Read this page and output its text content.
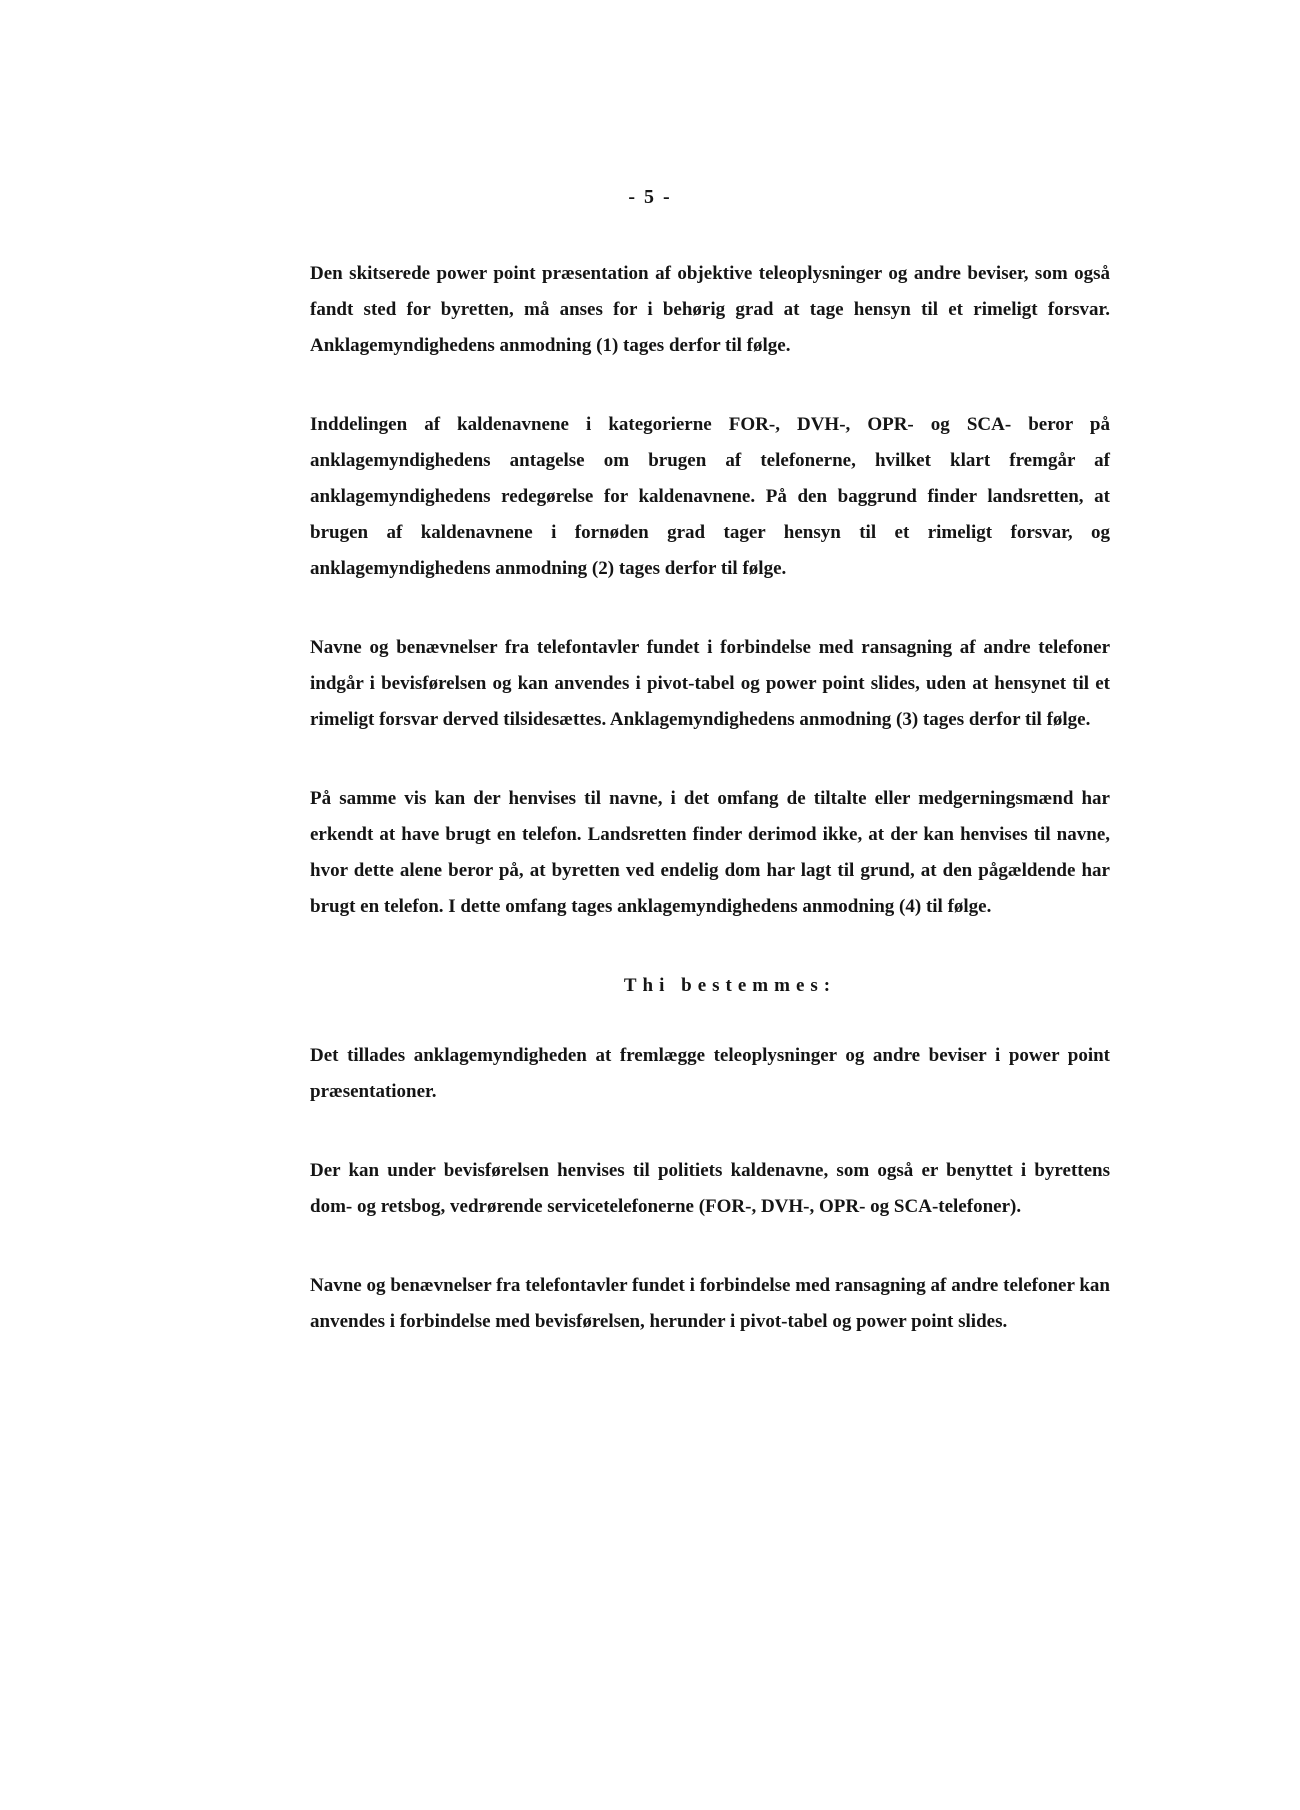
- 5 -

Den skitserede power point præsentation af objektive teleoplysninger og andre beviser, som også fandt sted for byretten, må anses for i behørig grad at tage hensyn til et rimeligt forsvar. Anklagemyndighedens anmodning (1) tages derfor til følge.

Inddelingen af kaldenavnene i kategorierne FOR-, DVH-, OPR- og SCA- beror på anklagemyndighedens antagelse om brugen af telefonerne, hvilket klart fremgår af anklagemyndighedens redegørelse for kaldenavnene. På den baggrund finder landsretten, at brugen af kaldenavnene i fornøden grad tager hensyn til et rimeligt forsvar, og anklagemyndighedens anmodning (2) tages derfor til følge.

Navne og benævnelser fra telefontavler fundet i forbindelse med ransagning af andre telefoner indgår i bevisførelsen og kan anvendes i pivot-tabel og power point slides, uden at hensynet til et rimeligt forsvar derved tilsidesættes. Anklagemyndighedens anmodning (3) tages derfor til følge.

På samme vis kan der henvises til navne, i det omfang de tiltalte eller medgerningsmænd har erkendt at have brugt en telefon. Landsretten finder derimod ikke, at der kan henvises til navne, hvor dette alene beror på, at byretten ved endelig dom har lagt til grund, at den pågældende har brugt en telefon. I dette omfang tages anklagemyndighedens anmodning (4) til følge.

Thi bestemmes:

Det tillades anklagemyndigheden at fremlægge teleoplysninger og andre beviser i power point præsentationer.

Der kan under bevisførelsen henvises til politiets kaldenavne, som også er benyttet i byrettens dom- og retsbog, vedrørende servicetelefonerne (FOR-, DVH-, OPR- og SCA-telefoner).

Navne og benævnelser fra telefontavler fundet i forbindelse med ransagning af andre telefoner kan anvendes i forbindelse med bevisførelsen, herunder i pivot-tabel og power point slides.
